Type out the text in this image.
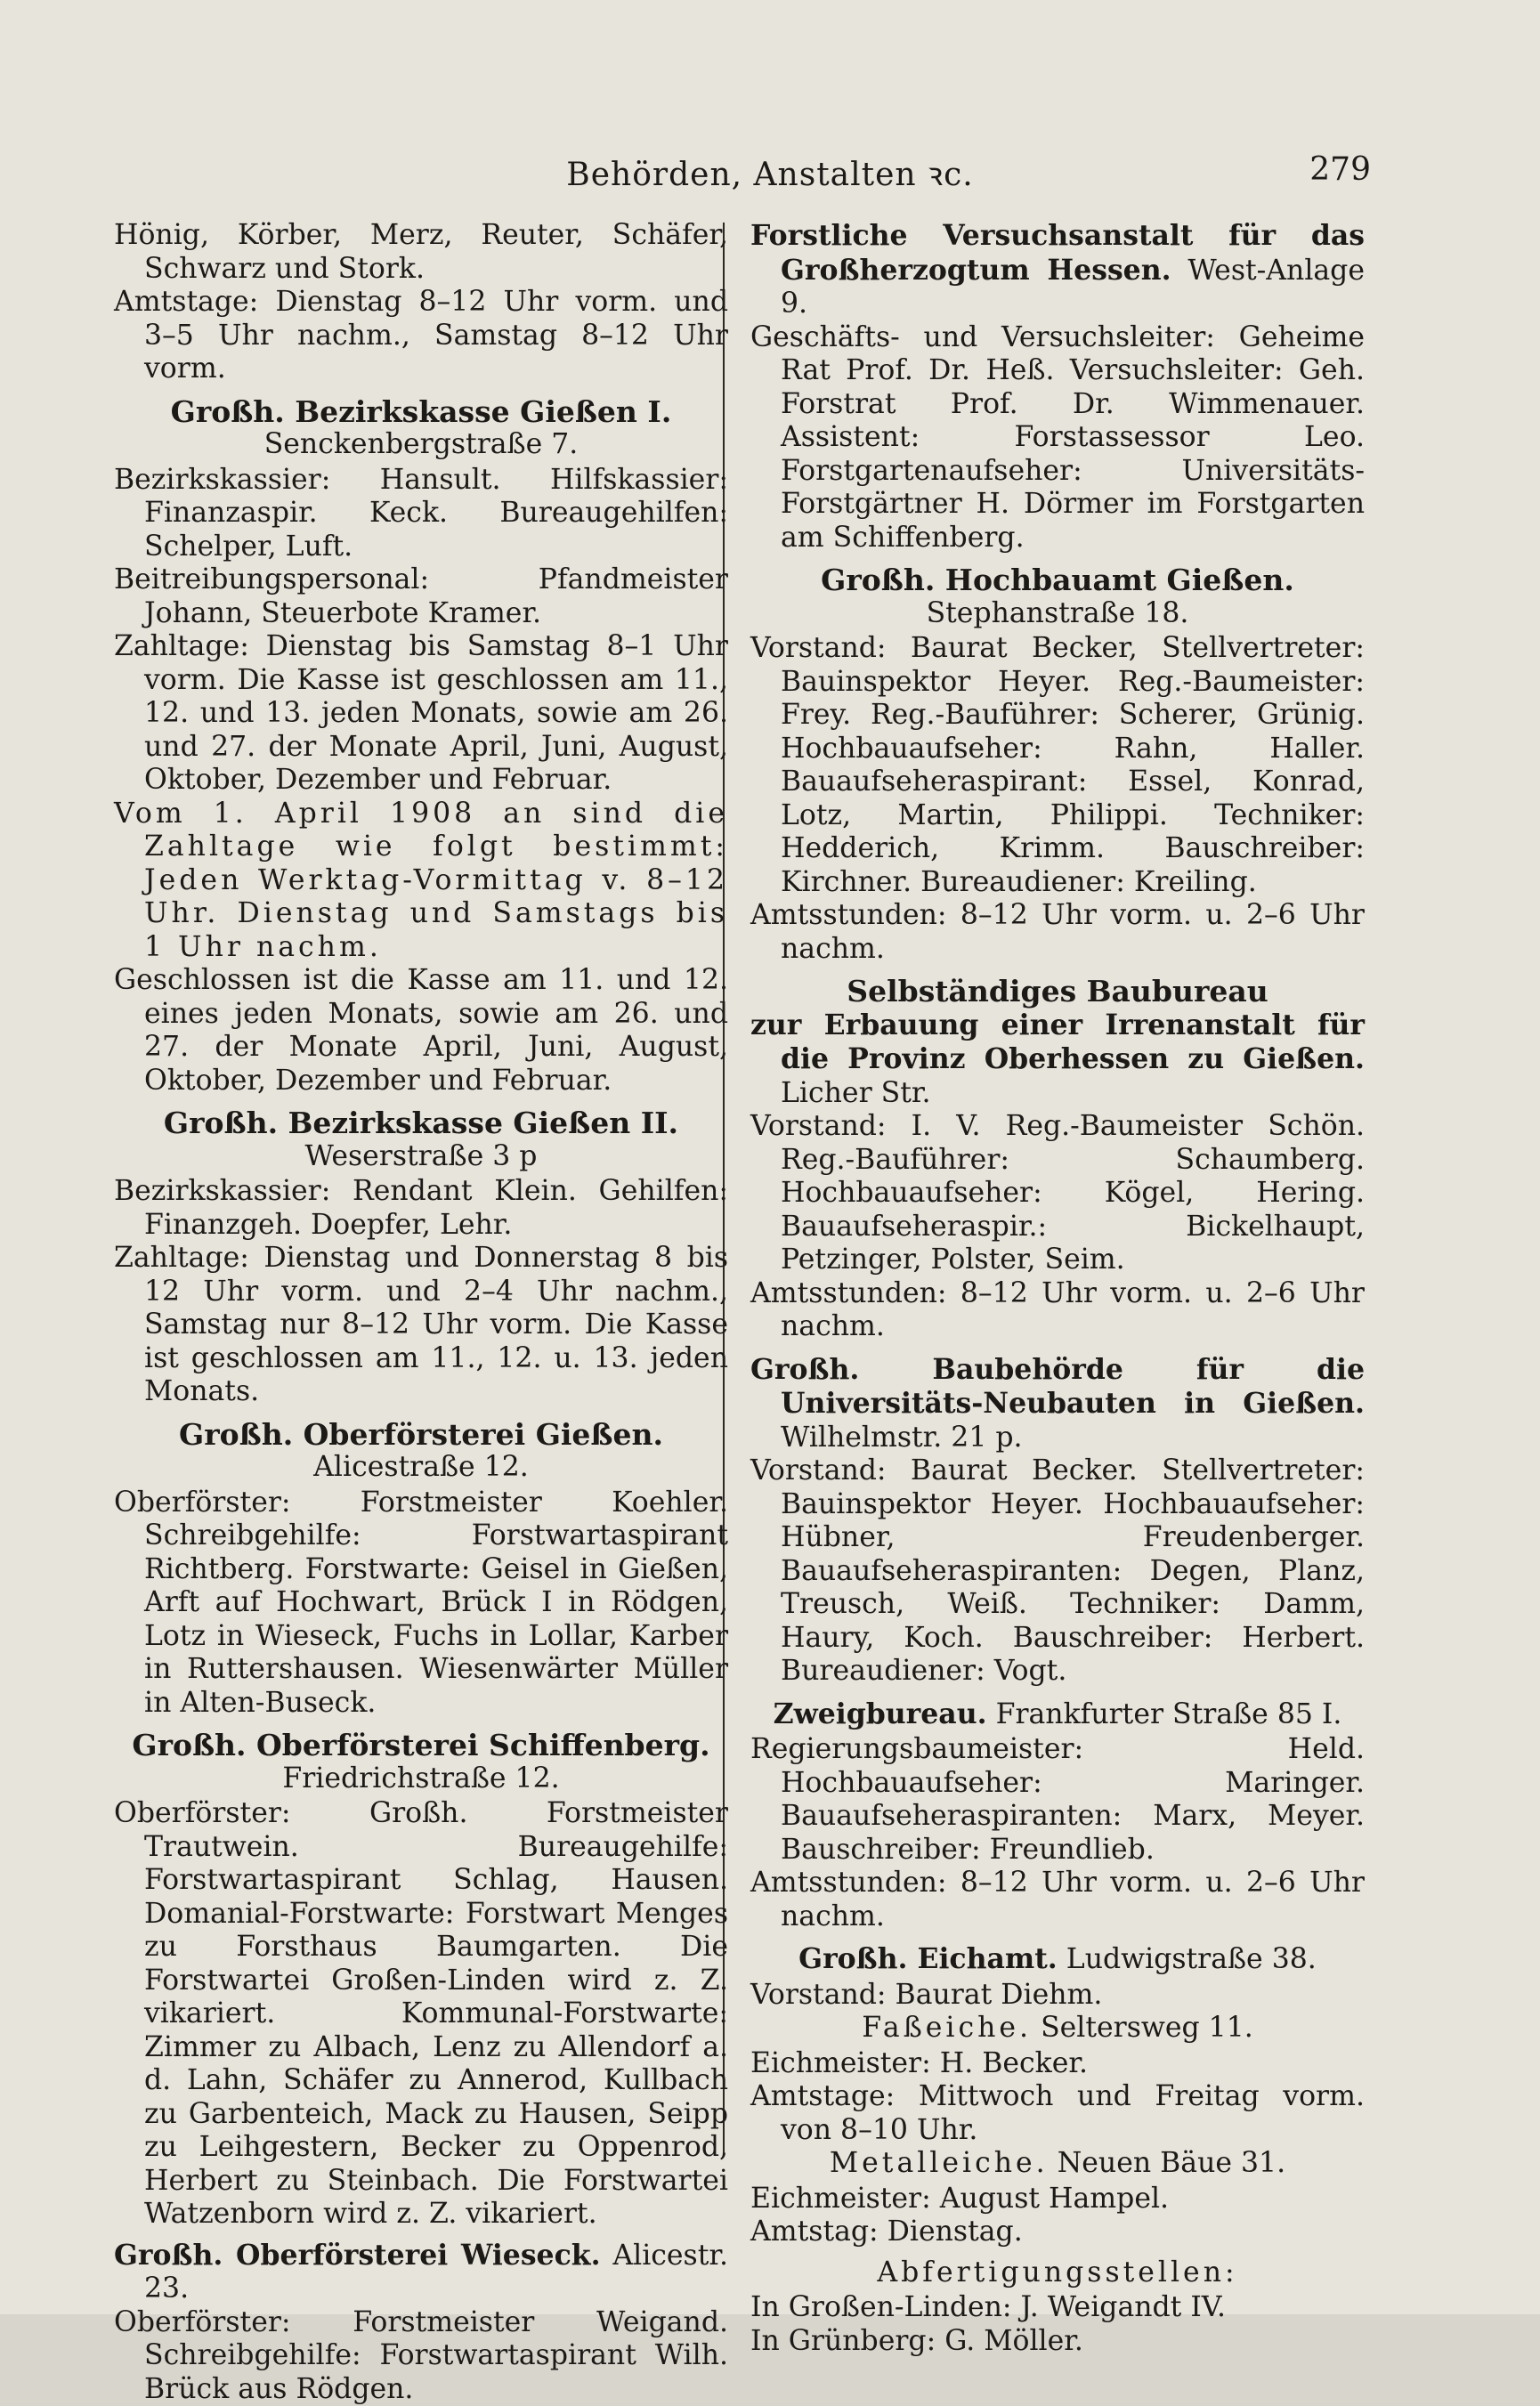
Behörden, Anstalten ꝛc.	279

Hönig, Körber, Merz, Reuter, Schäfer, Schwarz und Stork.

Amtstage: Dienstag 8–12 Uhr vorm. und 3–5 Uhr nachm., Samstag 8–12 Uhr vorm.

Großh. Bezirkskasse Gießen I.

Senckenbergstraße 7.

Bezirkskassier: Hansult. Hilfskassier: Finanzaspir. Keck. Bureaugehilfen: Schelper, Luft.

Beitreibungspersonal: Pfandmeister Johann, Steuerbote Kramer.

Zahltage: Dienstag bis Samstag 8–1 Uhr vorm. Die Kasse ist geschlossen am 11., 12. und 13. jeden Monats, sowie am 26. und 27. der Monate April, Juni, August, Oktober, Dezember und Februar.

Vom 1. April 1908 an sind die Zahltage wie folgt bestimmt: Jeden Werktag-Vormittag v. 8–12 Uhr. Dienstag und Samstags bis 1 Uhr nachm.

Geschlossen ist die Kasse am 11. und 12. eines jeden Monats, sowie am 26. und 27. der Monate April, Juni, August, Oktober, Dezember und Februar.

Großh. Bezirkskasse Gießen II.

Weserstraße 3 p

Bezirkskassier: Rendant Klein. Gehilfen: Finanzgeh. Doepfer, Lehr.

Zahltage: Dienstag und Donnerstag 8 bis 12 Uhr vorm. und 2–4 Uhr nachm., Samstag nur 8–12 Uhr vorm. Die Kasse ist geschlossen am 11., 12. u. 13. jeden Monats.

Großh. Oberförsterei Gießen.

Alicestraße 12.

Oberförster: Forstmeister Koehler. Schreibgehilfe: Forstwartaspirant Richtberg. Forstwarte: Geisel in Gießen, Arft auf Hochwart, Brück I in Rödgen, Lotz in Wieseck, Fuchs in Lollar, Karber in Ruttershausen. Wiesenwärter Müller in Alten-Buseck.

Großh. Oberförsterei Schiffenberg.

Friedrichstraße 12.

Oberförster: Großh. Forstmeister Trautwein. Bureaugehilfe: Forstwartaspirant Schlag, Hausen. Domanial-Forstwarte: Forstwart Menges zu Forsthaus Baumgarten. Die Forstwartei Großen-Linden wird z. Z. vikariert. Kommunal-Forstwarte: Zimmer zu Albach, Lenz zu Allendorf a. d. Lahn, Schäfer zu Annerod, Kullbach zu Garbenteich, Mack zu Hausen, Seipp zu Leihgestern, Becker zu Oppenrod, Herbert zu Steinbach. Die Forstwartei Watzenborn wird z. Z. vikariert.

Großh. Oberförsterei Wieseck. Alicestr. 23.

Oberförster: Forstmeister Weigand. Schreibgehilfe: Forstwartaspirant Wilh. Brück aus Rödgen.

Forstliche Versuchsanstalt für das Großherzogtum Hessen. West-Anlage 9.

Geschäfts- und Versuchsleiter: Geheime Rat Prof. Dr. Heß. Versuchsleiter: Geh. Forstrat Prof. Dr. Wimmenauer. Assistent: Forstassessor Leo. Forstgartenaufseher: Universitäts-Forstgärtner H. Dörmer im Forstgarten am Schiffenberg.

Großh. Hochbauamt Gießen.

Stephanstraße 18.

Vorstand: Baurat Becker, Stellvertreter: Bauinspektor Heyer. Reg.-Baumeister: Frey. Reg.-Bauführer: Scherer, Grünig. Hochbauaufseher: Rahn, Haller. Bauaufseheraspirant: Essel, Konrad, Lotz, Martin, Philippi. Techniker: Hedderich, Krimm. Bauschreiber: Kirchner. Bureaudiener: Kreiling.

Amtsstunden: 8–12 Uhr vorm. u. 2–6 Uhr nachm.

Selbständiges Baubureau

zur Erbauung einer Irrenanstalt für die Provinz Oberhessen zu Gießen. Licher Str.

Vorstand: I. V. Reg.-Baumeister Schön. Reg.-Bauführer: Schaumberg. Hochbauaufseher: Kögel, Hering. Bauaufseheraspir.: Bickelhaupt, Petzinger, Polster, Seim.

Amtsstunden: 8–12 Uhr vorm. u. 2–6 Uhr nachm.

Großh. Baubehörde für die Universitäts-Neubauten in Gießen. Wilhelmstr. 21 p.

Vorstand: Baurat Becker. Stellvertreter: Bauinspektor Heyer. Hochbauaufseher: Hübner, Freudenberger. Bauaufseheraspiranten: Degen, Planz, Treusch, Weiß. Techniker: Damm, Haury, Koch. Bauschreiber: Herbert. Bureaudiener: Vogt.

Zweigbureau. Frankfurter Straße 85 I.

Regierungsbaumeister: Held. Hochbauaufseher: Maringer. Bauaufseheraspiranten: Marx, Meyer. Bauschreiber: Freundlieb.

Amtsstunden: 8–12 Uhr vorm. u. 2–6 Uhr nachm.

Großh. Eichamt. Ludwigstraße 38.

Vorstand: Baurat Diehm.

Faßeiche. Seltersweg 11.

Eichmeister: H. Becker.

Amtstage: Mittwoch und Freitag vorm. von 8–10 Uhr.

Metalleiche. Neuen Bäue 31.

Eichmeister: August Hampel.

Amtstag: Dienstag.

Abfertigungsstellen:

In Großen-Linden: J. Weigandt IV.

In Grünberg: G. Möller.
